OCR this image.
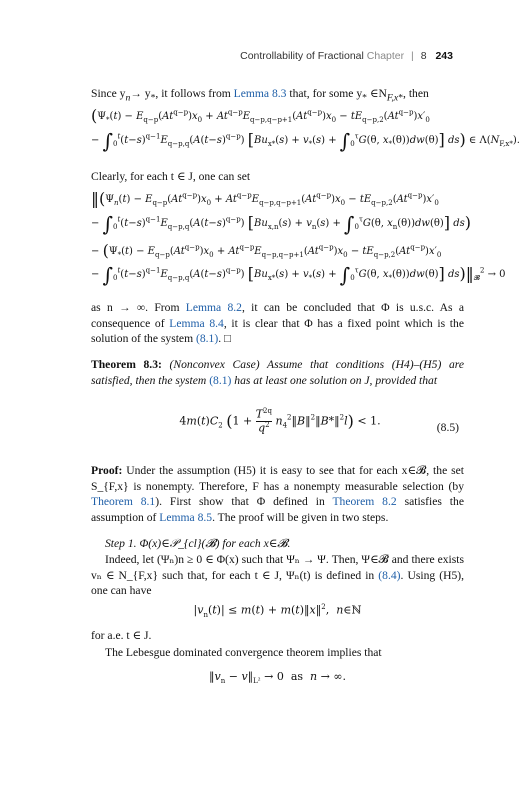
Controllability of Fractional Chapter | 8 243
Since $y_n\to y_*$, it follows from Lemma 8.3 that, for some $y_*$ $\in N_{F,x*}$, then
($\Psi_*(t) - E_{q-p}(At^{q-p})x_0 + At^{q-p}E_{q-p,q-p+1}(At^{q-p})x_0 - tE_{q-p,2}(At^{q-p})x'_0$
− $\int_0^t(t-s)^{q-1}E_{q-p,q}(A(t-s)^{q-p}) [Bu_{x*}(s) + v_*(s) + \int_0^\tau G(\theta$, $x_*(\theta))dw(\theta)$] ds) ∈ $\Lambda(N_{F,x*})$.
Clearly, for each t ∈ J, one can set
$‖(\Psi_n(t) - E_{q-p}(At^{q-p})x_0 + At^{q-p}E_{q-p,q-p+1}(At^{q-p})x_0 - tE_{q-p,2}(At^{q-p})x'_0$
− $\int_0^t(t-s)^{q-1}E_{q-p,q}(A(t-s)^{q-p}) [Bu_{x,n}(s) + v_n(s) + \int_0^\tau G(\theta$, $x_n(\theta))dw(\theta)$] ds)
− ($\Psi_*(t) - E_{q-p}(At^{q-p})x_0 + At^{q-p}E_{q-p,q-p+1}(At^{q-p})x_0 - tE_{q-p,2}(At^{q-p})x'_0$
− $\int_0^t(t-s)^{q-1}E_{q-p,q}(A(t-s)^{q-p}) [Bu_{x*}(s) + v_*(s) + \int_0^\tau G(\theta$, $x_*(\theta))dw(\theta)$] $ds)‖_𝓑^2 \to 0$
as n → ∞. From Lemma 8.2, it can be concluded that Φ is u.s.c. As a consequence of Lemma 8.4, it is clear that Φ has a fixed point which is the solution of the system (8.1). □
Theorem 8.3: (Nonconvex Case) Assume that conditions (H4)–(H5) are satisfied, then the system (8.1) has at least one solution on J, provided that
$4m(t)C_2$ ($1 + \frac{T^{2q}}{q^2}$ $n_4^2‖B‖^2‖B*‖^2l) < 1$.
(8.5)
Proof: Under the assumption (H5) it is easy to see that for each x∈𝓑, the set S_{F,x} is nonempty. Therefore, F has a nonempty measurable selection (by Theorem 8.1). First show that Φ defined in Theorem 8.2 satisfies the assumption of Lemma 8.5. The proof will be given in two steps.
Step 1. Φ(x)∈𝒫_{cl}(𝓑) for each x∈𝓑.
Indeed, let (Ψₙ)n ≥ 0 ∈ Φ(x) such that Ψₙ → Ψ. Then, Ψ∈𝓑 and there exists vₙ ∈ N_{F,x} such that, for each t ∈ J, Ψₙ(t) is defined in (8.4). Using (H5), one can have
$|v_n(t)| \le m(t)$ + m(t)‖x‖$^2$,  n∈ℕ
for a.e. t ∈ J.
The Lebesgue dominated convergence theorem implies that
$‖v_n$ − $v‖_{L^2} \to 0$  as  n → ∞.
